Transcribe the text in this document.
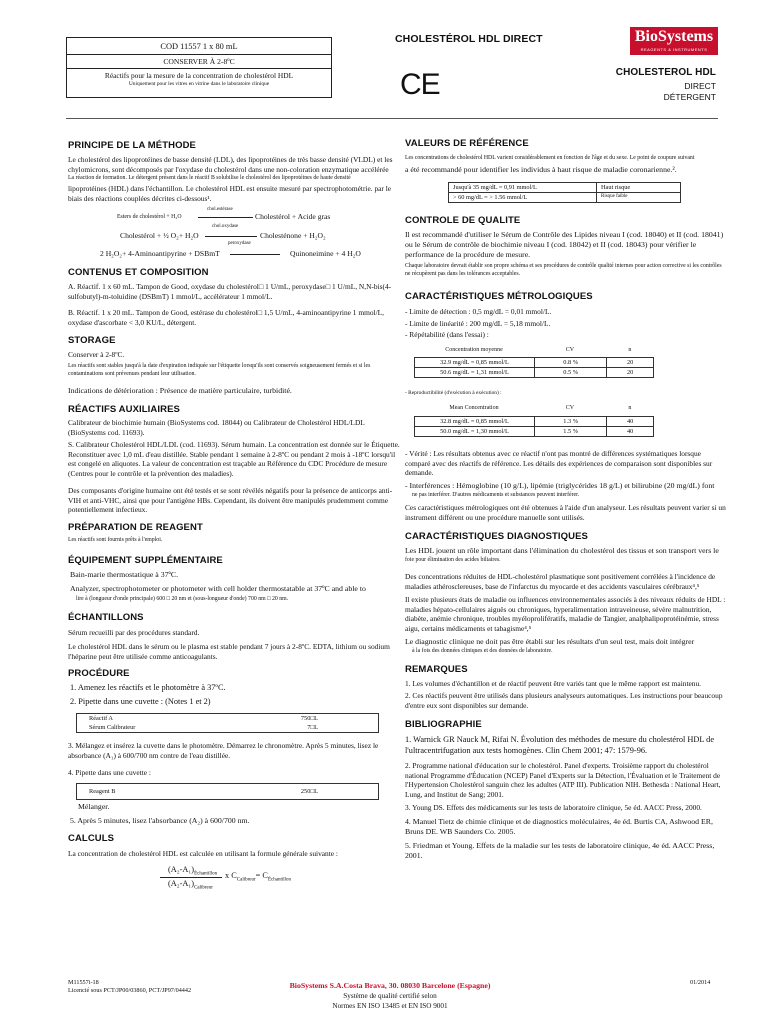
COD 11557 1 x 80 mL
CONSERVER À 2-8ºC
Réactifs pour la mesure de la concentration de cholestérol HDL
Uniquement pour les vitres en vitrine dans le laboratoire clinique
CHOLESTÉROL HDL DIRECT
CE
BioSystems
REAGENTS & INSTRUMENTS
CHOLESTEROL HDL
DIRECT
DÉTERGENT
PRINCIPE DE LA MÉTHODE
Le cholestérol des lipoprotéines de basse densité (LDL), des lipoprotéines de très basse densité (VLDL) et les chylomicrons, sont décomposés par l'oxydase du cholestérol dans une non-coloration enzymatique accélérée
La réaction de formation. Le détergent présent dans le réactif B solubilise le cholestérol des lipoprotéines de haute densité
lipoprotéines (HDL) dans l'échantillon. Le cholestérol HDL est ensuite mesuré par spectrophotométrie. par le biais des réactions couplées décrites ci-dessous¹.
Esters de cholestérol + H₂O
chol.estérase
Cholestérol + Acide gras
Cholestérol + ½ O₂+ H₂O
chol.oxydase
Cholesténone + H₂O₂
2 H₂O₂+ 4-Aminoantipyrine + DSBmT
peroxydase
Quinoneimine + 4 H₂O
CONTENUS ET COMPOSITION
A. Réactif. 1 x 60 mL. Tampon de Good, oxydase du cholestérol□ 1 U/mL, peroxydase□ 1 U/mL, N,N-bis(4-sulfobutyl)-m-toluidine (DSBmT) 1 mmol/L, accélérateur 1 mmol/L.
B. Réactif. 1 x 20 mL. Tampon de Good, estérase du cholestérol□ 1,5 U/mL, 4-aminoantipyrine 1 mmol/L, oxydase d'ascorbate < 3,0 KU/L, détergent.
STORAGE
Conserver à 2-8ºC.
Les réactifs sont stables jusqu'à la date d'expiration indiquée sur l'étiquette lorsqu'ils sont conservés soigneusement fermés et si les contaminations sont prévenues pendant leur utilisation.
Indications de détérioration : Présence de matière particulaire, turbidité.
RÉACTIFS AUXILIAIRES
Calibrateur de biochimie humain (BioSystems cod. 18044) ou Calibrateur de Cholestérol HDL/LDL (BioSystems cod. 11693).
S. Calibrateur Cholestérol HDL/LDL (cod. 11693). Sérum humain. La concentration est donnée sur le Étiquette. Reconstituer avec 1,0 mL d'eau distillée. Stable pendant 1 semaine à 2-8ºC ou pendant 2 mois à -18ºC lorsqu'il est congelé en aliquotes. La valeur de concentration est traçable au Référence du CDC Procédure de mesure (Centres pour le contrôle et la prévention des maladies).
Des composants d'origine humaine ont été testés et se sont révélés négatifs pour la présence de anticorps anti-VIH et anti-VHC, ainsi que pour l'antigène HBs. Cependant, ils doivent être manipulés prudemment comme potentiellement infectieux.
PRÉPARATION DE REAGENT
Les réactifs sont fournis prêts à l'emploi.
ÉQUIPEMENT SUPPLÉMENTAIRE
Bain-marie thermostatique à 37ºC.
Analyzer, spectrophotometer or photometer with cell holder thermostatable at 37ºC and able to
lire à (longueur d'onde principale) 600 □ 20 nm et (sous-longueur d'onde) 700 nm □ 20 nm.
ÉCHANTILLONS
Sérum recueilli par des procédures standard.
Le cholestérol HDL dans le sérum ou le plasma est stable pendant 7 jours à 2-8ºC. EDTA, lithium ou sodium l'héparine peut être utilisée comme anticoagulants.
PROCÉDURE
1. Amenez les réactifs et le photomètre à 37ºC.
2. Pipette dans une cuvette : (Notes 1 et 2)
Réactif A	750□L
Sérum Calibrateur	7□L
3. Mélangez et insérez la cuvette dans le photomètre. Démarrez le chronomètre. Après 5 minutes, lisez le absorbance (A₁) à 600/700 nm contre de l'eau distillée.
4. Pipette dans une cuvette :
Reagent B	250□L
Mélanger.
5. Après 5 minutes, lisez l'absorbance (A₂) à 600/700 nm.
CALCULS
La concentration de cholestérol HDL est calculée en utilisant la formule générale suivante :
$(A_2-A_1)_{Échantillon}$
$(A_2-A_1)_{Calibreur}$
x $C_{Calibreur}= C_{Échantillon}$
VALEURS DE RÉFÉRENCE
Les concentrations de cholestérol HDL varient considérablement en fonction de l'âge et du sexe. Le point de coupure suivant
a été recommandé pour identifier les individus à haut risque de maladie coronarienne.².
Jusqu'à 35 mg/dL = 0,91 mmol/L	Haut risque
> 60 mg/dL = > 1.56 mmol/L	Risque faible
CONTROLE DE QUALITE
Il est recommandé d'utiliser le Sérum de Contrôle des Lipides niveau I (cod. 18040) et II (cod. 18041) ou le Sérum de contrôle de biochimie niveau I (cod. 18042) et II (cod. 18043) pour vérifier le performance de la procédure de mesure.
Chaque laboratoire devrait établir son propre schéma et ses procédures de contrôle qualité internes pour action corrective si les contrôles ne récupèrent pas dans les tolérances acceptables.
CARACTÉRISTIQUES MÉTROLOGIQUES
- Limite de détection : 0,5 mg/dL = 0,01 mmol/L.
- Limite de linéarité : 200 mg/dL = 5,18 mmol/L.
- Répétabilité (dans l'essai) :
Concentration moyenne	CV	n
32.9 mg/dL = 0,85 mmol/L	0.8 %	20
50.6 mg/dL = 1,31 mmol/L	0.5 %	20
- Reproductibilité (d'exécution à exécution) :
Mean Concentration	CV	n
32.8 mg/dL = 0,85 mmol/L	1.3 %	40
50.0 mg/dL = 1,30 mmol/L	1.5 %	40
- Vérité : Les résultats obtenus avec ce réactif n'ont pas montré de différences systématiques lorsque comparé avec des réactifs de référence. Les détails des expériences de comparaison sont disponibles sur demande.
- Interférences : Hémoglobine (10 g/L), lipémie (triglycérides 18 g/L) et bilirubine (20 mg/dL) font
ne pas interférer. D'autres médicaments et substances peuvent interférer.
Ces caractéristiques métrologiques ont été obtenues à l'aide d'un analyseur. Les résultats peuvent varier si un instrument différent ou une procédure manuelle sont utilisés.
CARACTÉRISTIQUES DIAGNOSTIQUES
Les HDL jouent un rôle important dans l'élimination du cholestérol des tissus et son transport vers le
foie pour élimination des acides biliaires.
Des concentrations réduites de HDL-cholestérol plasmatique sont positivement corrélées à l'incidence de maladies athérosclereuses, base de l'infarctus du myocarde et des accidents vasculaires cérébraux⁴,⁵
Il existe plusieurs états de maladie ou influences environnementales associés à des niveaux réduits de HDL : maladies hépato-cellulaires aiguës ou chroniques, hyperalimentation intraveineuse, sévère malnutrition, diabète, anémie chronique, troubles myéloprolifératifs, maladie de Tangier, analphalipoprotéinémie, stress aigu, certains médicaments et tabagisme⁴,⁵
Le diagnostic clinique ne doit pas être établi sur les résultats d'un seul test, mais doit intégrer
à la fois des données cliniques et des données de laboratoire.
REMARQUES
1. Les volumes d'échantillon et de réactif peuvent être variés tant que le même rapport est maintenu.
2. Ces réactifs peuvent être utilisés dans plusieurs analyseurs automatiques. Les instructions pour beaucoup d'entre eux sont disponibles sur demande.
BIBLIOGRAPHIE
1. Warnick GR Nauck M, Rifai N. Évolution des méthodes de mesure du cholestérol HDL de l'ultracentrifugation aux tests homogènes. Clin Chem 2001; 47: 1579-96.
2. Programme national d'éducation sur le cholestérol. Panel d'experts. Troisième rapport du cholestérol national Programme d'Éducation (NCEP) Panel d'Experts sur la Détection, l'Évaluation et le Traitement de l'Hypertension Cholestérol sanguin chez les adultes (ATP III). Publication NIH. Bethesda : National Heart, Lung, and Institut de Sang; 2001.
3. Young DS. Effets des médicaments sur les tests de laboratoire clinique, 5e éd. AACC Press, 2000.
4. Manuel Tietz de chimie clinique et de diagnostics moléculaires, 4e éd. Burtis CA, Ashwood ER, Bruns DE. WB Saunders Co. 2005.
5. Friedman et Young. Effets de la maladie sur les tests de laboratoire clinique, 4e éd. AACC Press, 2001.
M11557i-18
Licencié sous PCT/JP00/03860, PCT/JP97/04442
BioSystems S.A.Costa Brava, 30. 08030 Barcelone (Espagne)
Système de qualité certifié selon
Normes EN ISO 13485 et EN ISO 9001
01/2014
